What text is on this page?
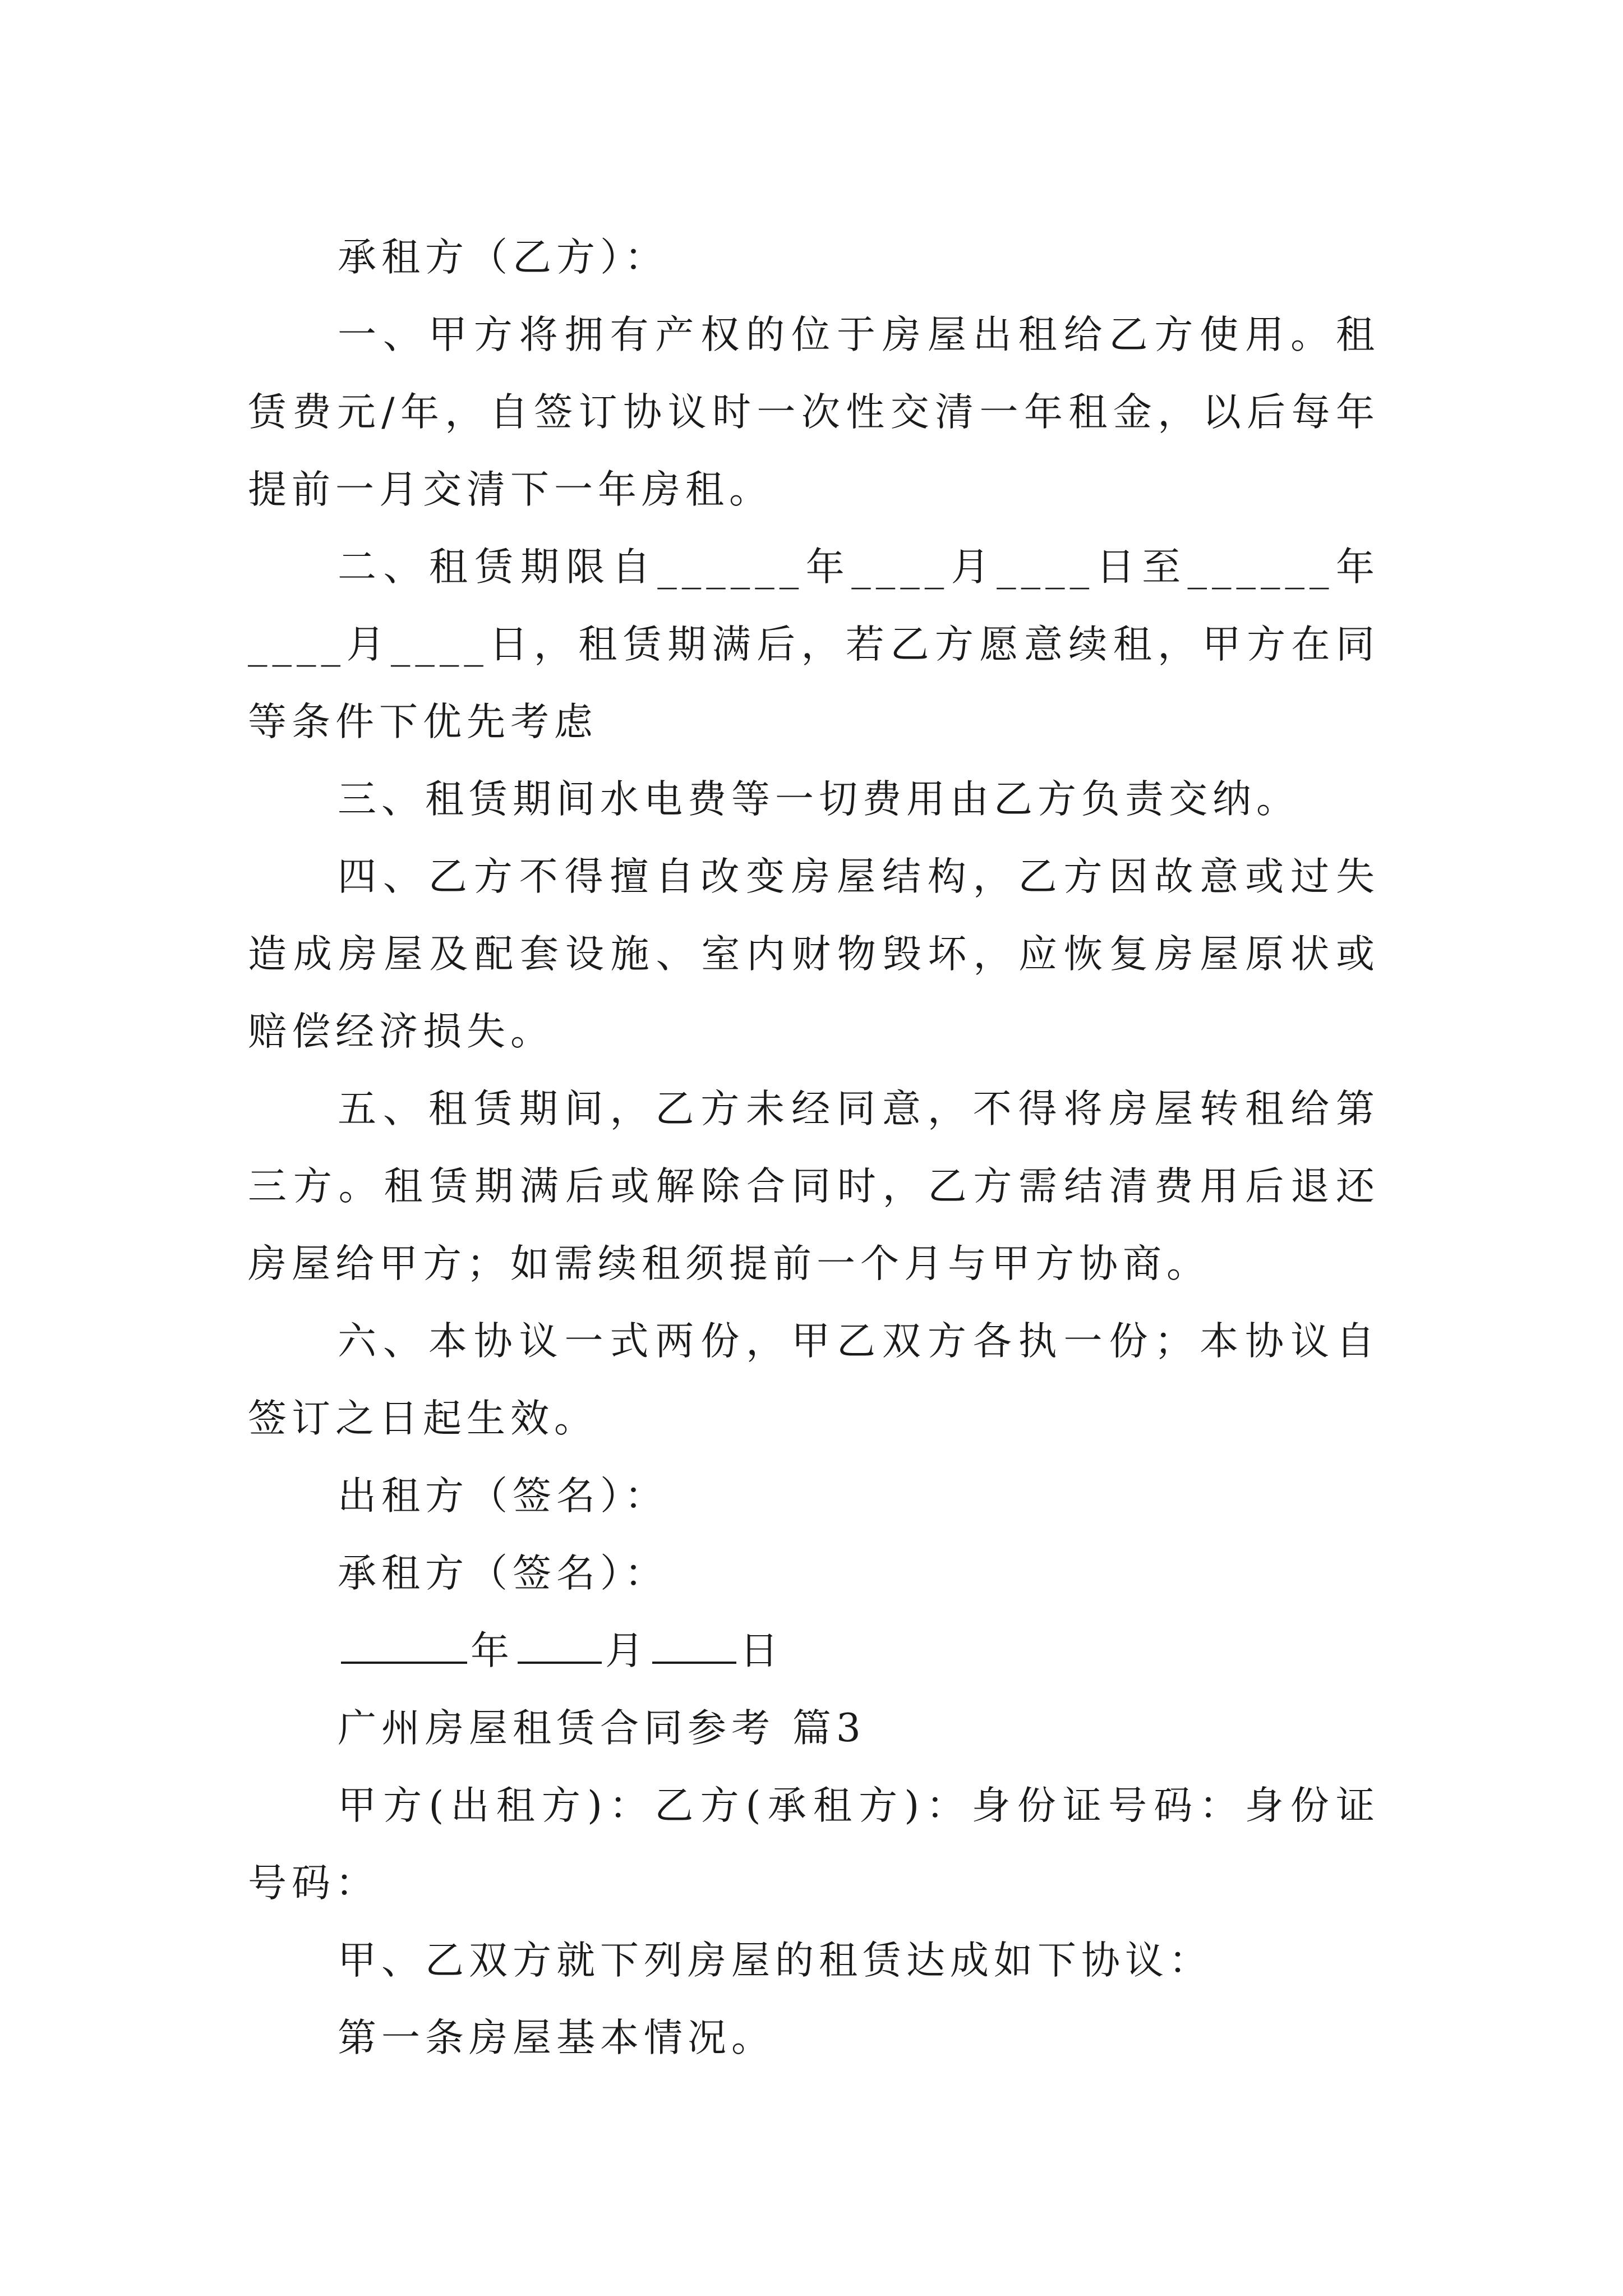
承租方（乙方）：

一、甲方将拥有产权的位于房屋出租给乙方使用。租赁费元/年，自签订协议时一次性交清一年租金，以后每年提前一月交清下一年房租。

二、租赁期限自______年____月____日至______年____月____日，租赁期满后，若乙方愿意续租，甲方在同等条件下优先考虑

三、租赁期间水电费等一切费用由乙方负责交纳。

四、乙方不得擅自改变房屋结构，乙方因故意或过失造成房屋及配套设施、室内财物毁坏，应恢复房屋原状或赔偿经济损失。

五、租赁期间，乙方未经同意，不得将房屋转租给第三方。租赁期满后或解除合同时，乙方需结清费用后退还房屋给甲方；如需续租须提前一个月与甲方协商。

六、本协议一式两份，甲乙双方各执一份；本协议自签订之日起生效。

出租方（签名）：

承租方（签名）：

年 月 日

广州房屋租赁合同参考 篇3

甲方(出租方)：乙方(承租方)：身份证号码：身份证号码：

甲、乙双方就下列房屋的租赁达成如下协议：

第一条房屋基本情况。
